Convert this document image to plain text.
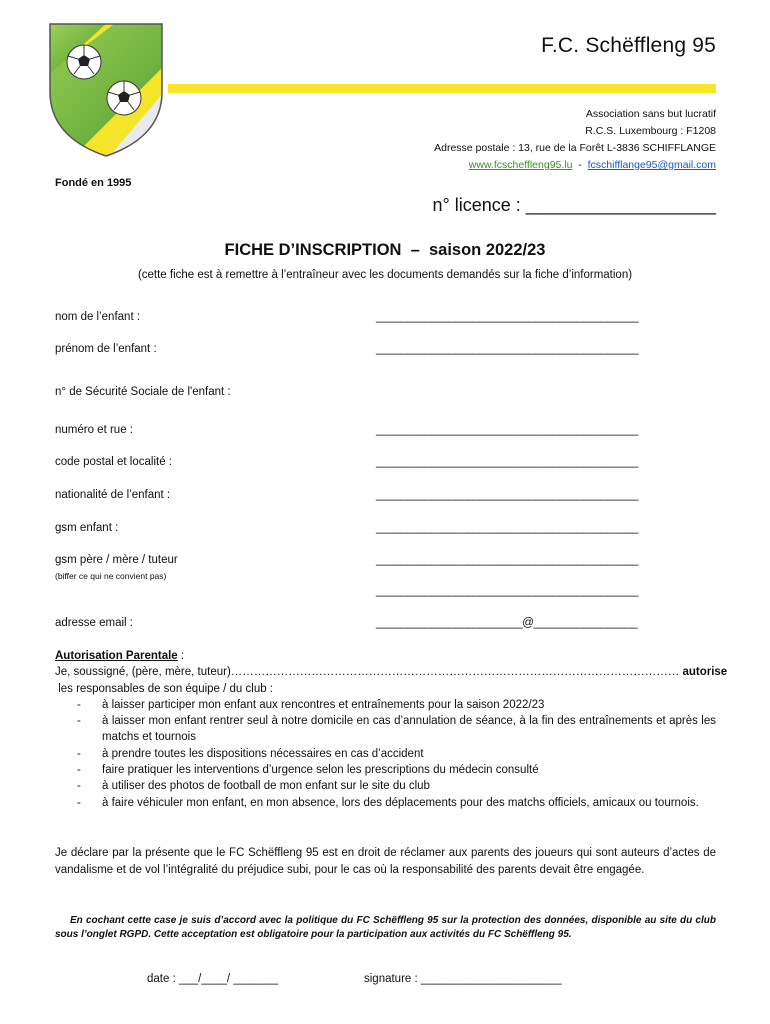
F.C. Schëffleng 95
Association sans but lucratif
R.C.S. Luxembourg : F1208
Adresse postale : 13, rue de la Forêt L-3836 SCHIFFLANGE
www.fcscheffleng95.lu  -  fcschifflange95@gmail.com
Fondé en 1995
n° licence : ___________________
FICHE D’INSCRIPTION  –  saison 2022/23
(cette fiche est à remettre à l’entraîneur avec les documents demandés sur la fiche d’information)
nom de l’enfant :	___________________________________________
prénom de l’enfant :	___________________________________________
n° de Sécurité Sociale de l'enfant :
numéro et rue :	___________________________________________
code postal et localité :	___________________________________________
nationalité de l’enfant :	___________________________________________
gsm enfant :	___________________________________________
gsm père / mère / tuteur
(biffer ce qui ne convient pas)
___________________________________________
___________________________________________
adresse email :	________________________@_________________
Autorisation Parentale :
Je, soussigné, (père, mère, tuteur)……………………………………………………………………………………………………… autorise
les responsables de son équipe / du club :
- à laisser participer mon enfant aux rencontres et entraînements pour la saison 2022/23
- à laisser mon enfant rentrer seul à notre domicile en cas d’annulation de séance, à la fin des entraînements et après les matchs et tournois
- à prendre toutes les dispositions nécessaires en cas d’accident
- faire pratiquer les interventions d’urgence selon les prescriptions du médecin consulté
- à utiliser des photos de football de mon enfant sur le site du club
- à faire véhiculer mon enfant, en mon absence, lors des déplacements pour des matchs officiels, amicaux ou tournois.
Je déclare par la présente que le FC Schëffleng 95 est en droit de réclamer aux parents des joueurs qui sont auteurs d’actes de vandalisme et de vol l’intégralité du préjudice subi, pour le cas où la responsabilité des parents devait être engagée.
En cochant cette case je suis d’accord avec la politique du FC Schëffleng 95 sur la protection des données, disponible au site du club sous l’onglet RGPD. Cette acceptation est obligatoire pour la participation aux activités du FC Schëffleng 95.
date : ___/____/ _______	signature : ______________________
